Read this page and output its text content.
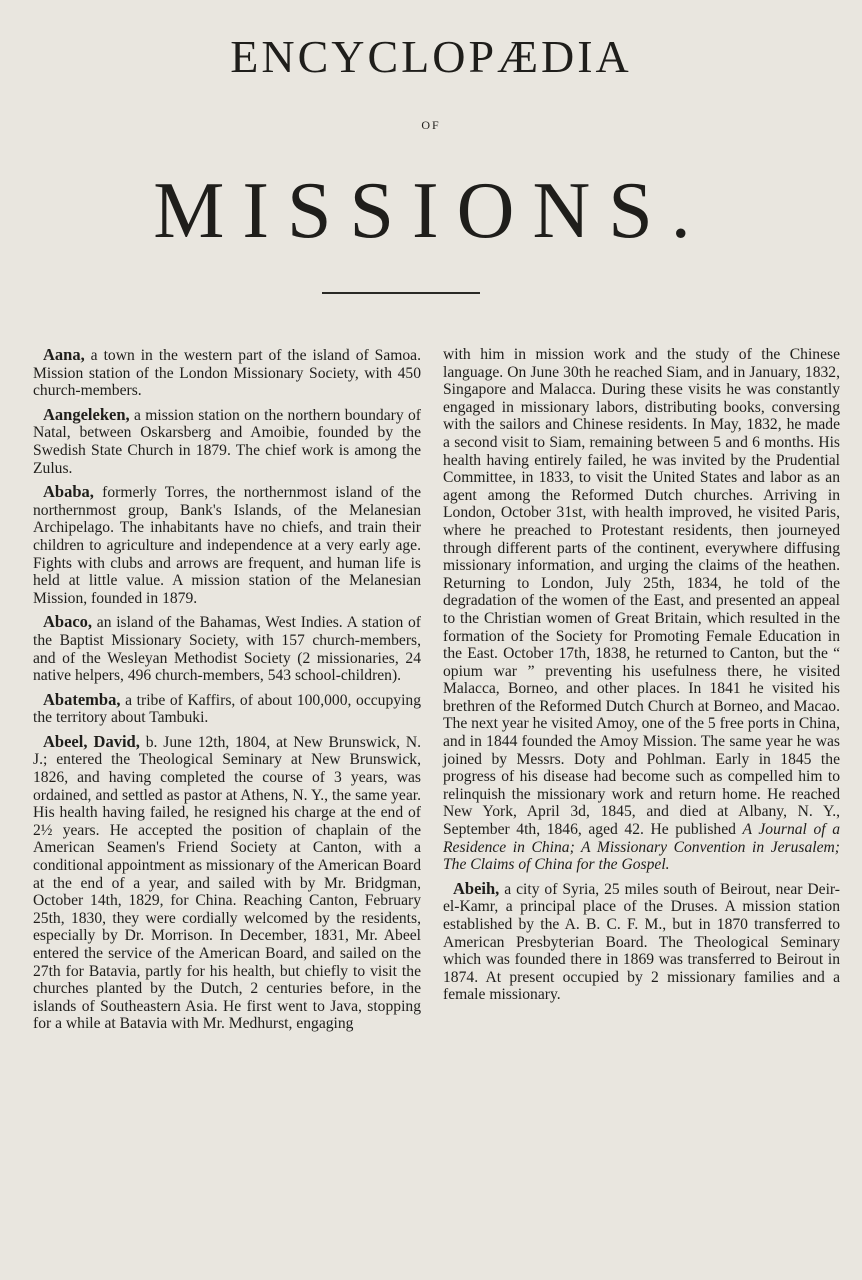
ENCYCLOPÆDIA
OF
MISSIONS.

Aana, a town in the western part of the island of Samoa. Mission station of the London Missionary Society, with 450 church-members.

Aangeleken, a mission station on the northern boundary of Natal, between Oskarsberg and Amoibie, founded by the Swedish State Church in 1879. The chief work is among the Zulus.

Ababa, formerly Torres, the northernmost island of the northernmost group, Bank's Islands, of the Melanesian Archipelago. The inhabitants have no chiefs, and train their children to agriculture and independence at a very early age. Fights with clubs and arrows are frequent, and human life is held at little value. A mission station of the Melanesian Mission, founded in 1879.

Abaco, an island of the Bahamas, West Indies. A station of the Baptist Missionary Society, with 157 church-members, and of the Wesleyan Methodist Society (2 missionaries, 24 native helpers, 496 church-members, 543 school-children).

Abatemba, a tribe of Kaffirs, of about 100,000, occupying the territory about Tambuki.

Abeel, David, b. June 12th, 1804, at New Brunswick, N. J.; entered the Theological Seminary at New Brunswick, 1826, and having completed the course of 3 years, was ordained, and settled as pastor at Athens, N. Y., the same year. His health having failed, he resigned his charge at the end of 2½ years. He accepted the position of chaplain of the American Seamen's Friend Society at Canton, with a conditional appointment as missionary of the American Board at the end of a year, and sailed with by Mr. Bridgman, October 14th, 1829, for China. Reaching Canton, February 25th, 1830, they were cordially welcomed by the residents, especially by Dr. Morrison. In December, 1831, Mr. Abeel entered the service of the American Board, and sailed on the 27th for Batavia, partly for his health, but chiefly to visit the churches planted by the Dutch, 2 centuries before, in the islands of Southeastern Asia. He first went to Java, stopping for a while at Batavia with Mr. Medhurst, engaging

with him in mission work and the study of the Chinese language. On June 30th he reached Siam, and in January, 1832, Singapore and Malacca. During these visits he was constantly engaged in missionary labors, distributing books, conversing with the sailors and Chinese residents. In May, 1832, he made a second visit to Siam, remaining between 5 and 6 months. His health having entirely failed, he was invited by the Prudential Committee, in 1833, to visit the United States and labor as an agent among the Reformed Dutch churches. Arriving in London, October 31st, with health improved, he visited Paris, where he preached to Protestant residents, then journeyed through different parts of the continent, everywhere diffusing missionary information, and urging the claims of the heathen. Returning to London, July 25th, 1834, he told of the degradation of the women of the East, and presented an appeal to the Christian women of Great Britain, which resulted in the formation of the Society for Promoting Female Education in the East. October 17th, 1838, he returned to Canton, but the “ opium war ” preventing his usefulness there, he visited Malacca, Borneo, and other places. In 1841 he visited his brethren of the Reformed Dutch Church at Borneo, and Macao. The next year he visited Amoy, one of the 5 free ports in China, and in 1844 founded the Amoy Mission. The same year he was joined by Messrs. Doty and Pohlman. Early in 1845 the progress of his disease had become such as compelled him to relinquish the missionary work and return home. He reached New York, April 3d, 1845, and died at Albany, N. Y., September 4th, 1846, aged 42. He published A Journal of a Residence in China; A Missionary Convention in Jerusalem; The Claims of China for the Gospel.

Abeih, a city of Syria, 25 miles south of Beirout, near Deir-el-Kamr, a principal place of the Druses. A mission station established by the A. B. C. F. M., but in 1870 transferred to American Presbyterian Board. The Theological Seminary which was founded there in 1869 was transferred to Beirout in 1874. At present occupied by 2 missionary families and a female missionary.
